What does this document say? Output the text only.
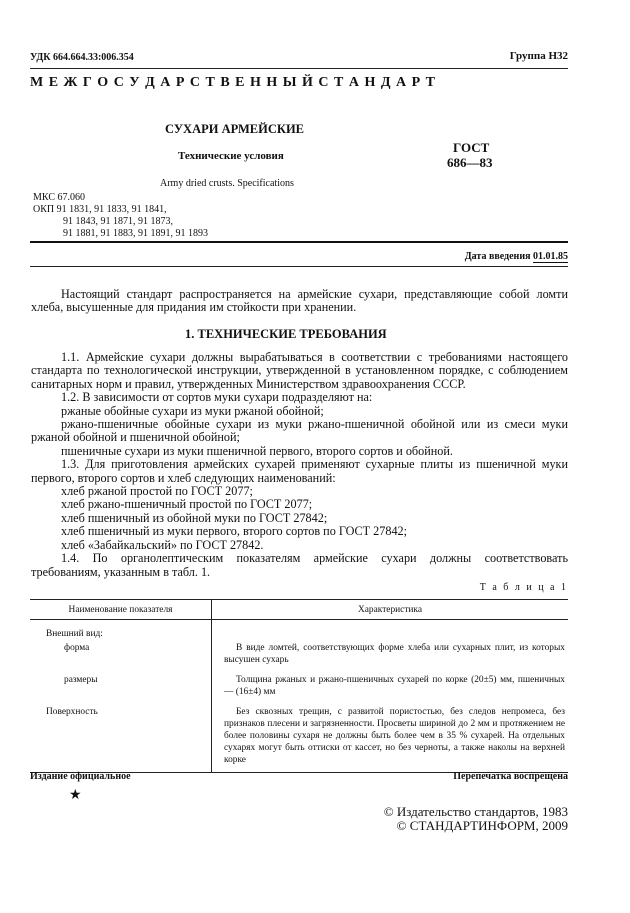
УДК 664.664.33:006.354	Группа Н32
М Е Ж Г О С У Д А Р С Т В Е Н Н Ы Й С Т А Н Д А Р Т
СУХАРИ АРМЕЙСКИЕ
Технические условия
Army dried crusts. Specifications
ГОСТ
686—83
МКС 67.060
ОКП 91 1831, 91 1833, 91 1841,
91 1843, 91 1871, 91 1873,
91 1881, 91 1883, 91 1891, 91 1893
Дата введения 01.01.85

Настоящий стандарт распространяется на армейские сухари, представляющие собой ломти хлеба, высушенные для придания им стойкости при хранении.

1. ТЕХНИЧЕСКИЕ ТРЕБОВАНИЯ

1.1. Армейские сухари должны вырабатываться в соответствии с требованиями настоящего стандарта по технологической инструкции, утвержденной в установленном порядке, с соблюдением санитарных норм и правил, утвержденных Министерством здравоохранения СССР.

1.2. В зависимости от сортов муки сухари подразделяют на:

ржаные обойные сухари из муки ржаной обойной;

ржано-пшеничные обойные сухари из муки ржано-пшеничной обойной или из смеси муки ржаной обойной и пшеничной обойной;

пшеничные сухари из муки пшеничной первого, второго сортов и обойной.

1.3. Для приготовления армейских сухарей применяют сухарные плиты из пшеничной муки первого, второго сортов и хлеб следующих наименований:

хлеб ржаной простой по ГОСТ 2077;

хлеб ржано-пшеничный простой по ГОСТ 2077;

хлеб пшеничный из обойной муки по ГОСТ 27842;

хлеб пшеничный из муки первого, второго сортов по ГОСТ 27842;

хлеб «Забайкальский» по ГОСТ 27842.

1.4. По органолептическим показателям армейские сухари должны соответствовать требованиям, указанным в табл. 1.

Т а б л и ц а 1
Наименование показателя	Характеристика
Внешний вид:	
форма	В виде ломтей, соответствующих форме хлеба или сухарных плит, из которых высушен сухарь
размеры	Толщина ржаных и ржано-пшеничных сухарей по корке (20±5) мм, пшеничных — (16±4) мм
Поверхность	Без сквозных трещин, с развитой пористостью, без следов непромеса, без признаков плесени и загрязненности. Просветы шириной до 2 мм и протяжением не более половины сухаря не должны быть более чем в 35 % сухарей. На отдельных сухарях могут быть оттиски от кассет, но без черноты, а также наколы на верхней корке
Издание официальное	Перепечатка воспрещена
★
© Издательство стандартов, 1983
© СТАНДАРТИНФОРМ, 2009
